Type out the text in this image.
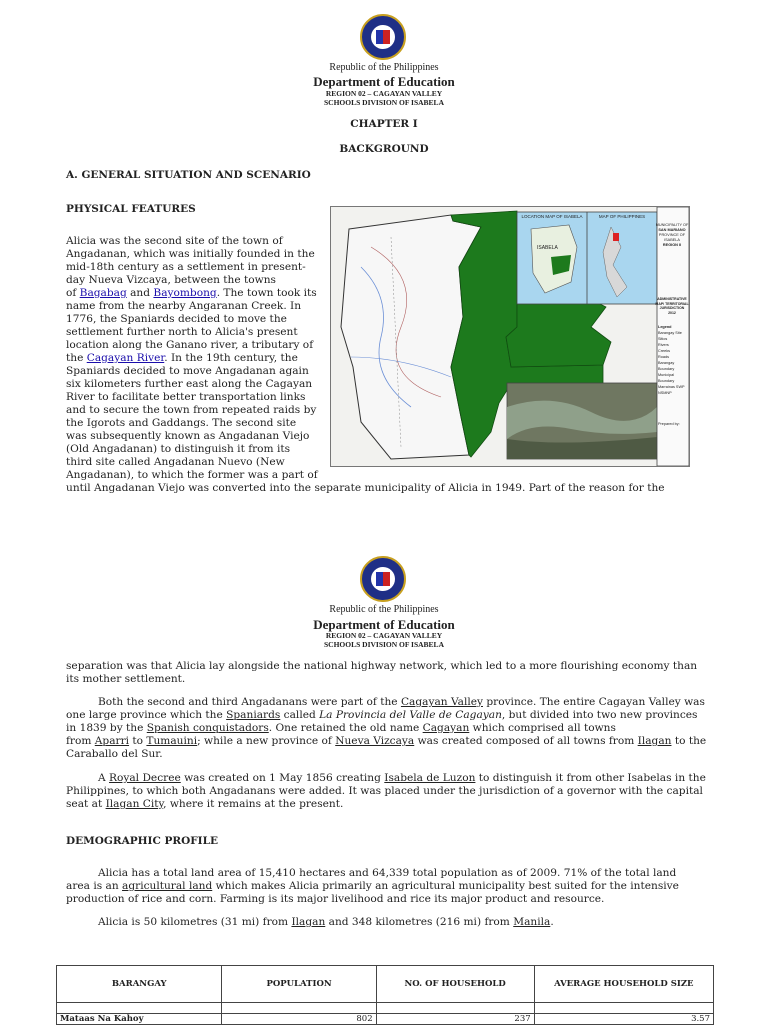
Republic of the Philippines
Department of Education
REGION 02 – CAGAYAN VALLEY
SCHOOLS DIVISION OF ISABELA
CHAPTER I
BACKGROUND
A. GENERAL SITUATION AND SCENARIO
PHYSICAL FEATURES
Alicia was the second site of the town of
Angadanan, which was initially founded in the
mid-18th century as a settlement in present-
day Nueva Vizcaya, between the towns
of Bagabag and Bayombong. The town took its
name from the nearby Angaranan Creek. In
1776, the Spaniards decided to move the
settlement further north to Alicia's present
location along the Ganano river, a tributary of
the Cagayan River. In the 19th century, the
Spaniards decided to move Angadanan again
six kilometers further east along the Cagayan
River to facilitate better transportation links
and to secure the town from repeated raids by
the Igorots and Gaddangs. The second site
was subsequently known as Angadanan Viejo
(Old Angadanan) to distinguish it from its
third site called Angadanan Nuevo (New
Angadanan), to which the former was a part of
until Angadanan Viejo was converted into the separate municipality of Alicia in 1949. Part of the reason for the
LOCATION MAP OF ISABELA	MAP OF PHILIPPINES
ISABELA
MUNICIPALITY OF
SAN MARIANO
PROVINCE OF ISABELA
REGION II
ADMINISTRATIVE MAP/ TERRITORIAL JURISDICTION
2012
Legend
Barangay Site
Sitios
Rivers
Creeks
Roads
Barangay Boundary
Municipal Boundary
Marrainas SWP
NSMNP
Prepared by:
Republic of the Philippines
Department of Education
REGION 02 – CAGAYAN VALLEY
SCHOOLS DIVISION OF ISABELA
separation was that Alicia lay alongside the national highway network, which led to a more flourishing economy than
its mother settlement.
Both the second and third Angadanans were part of the Cagayan Valley province. The entire Cagayan Valley was
one large province which the Spaniards called La Provincia del Valle de Cagayan, but divided into two new provinces
in 1839 by the Spanish conquistadors. One retained the old name Cagayan which comprised all towns
from Aparri to Tumauini; while a new province of Nueva Vizcaya was created composed of all towns from Ilagan to the
Caraballo del Sur.
A Royal Decree was created on 1 May 1856 creating Isabela de Luzon to distinguish it from other Isabelas in the
Philippines, to which both Angadanans were added. It was placed under the jurisdiction of a governor with the capital
seat at Ilagan City, where it remains at the present.
DEMOGRAPHIC PROFILE
Alicia has a total land area of 15,410 hectares and 64,339 total population as of 2009. 71% of the total land
area is an agricultural land which makes Alicia primarily an agricultural municipality best suited for the intensive
production of rice and corn. Farming is its major livelihood and rice its major product and resource.
Alicia is 50 kilometres (31 mi) from Ilagan and 348 kilometres (216 mi) from Manila.
BARANGAY	POPULATION	NO. OF HOUSEHOLD	AVERAGE HOUSEHOLD SIZE

Mataas Na Kahoy	802	237	3.57
